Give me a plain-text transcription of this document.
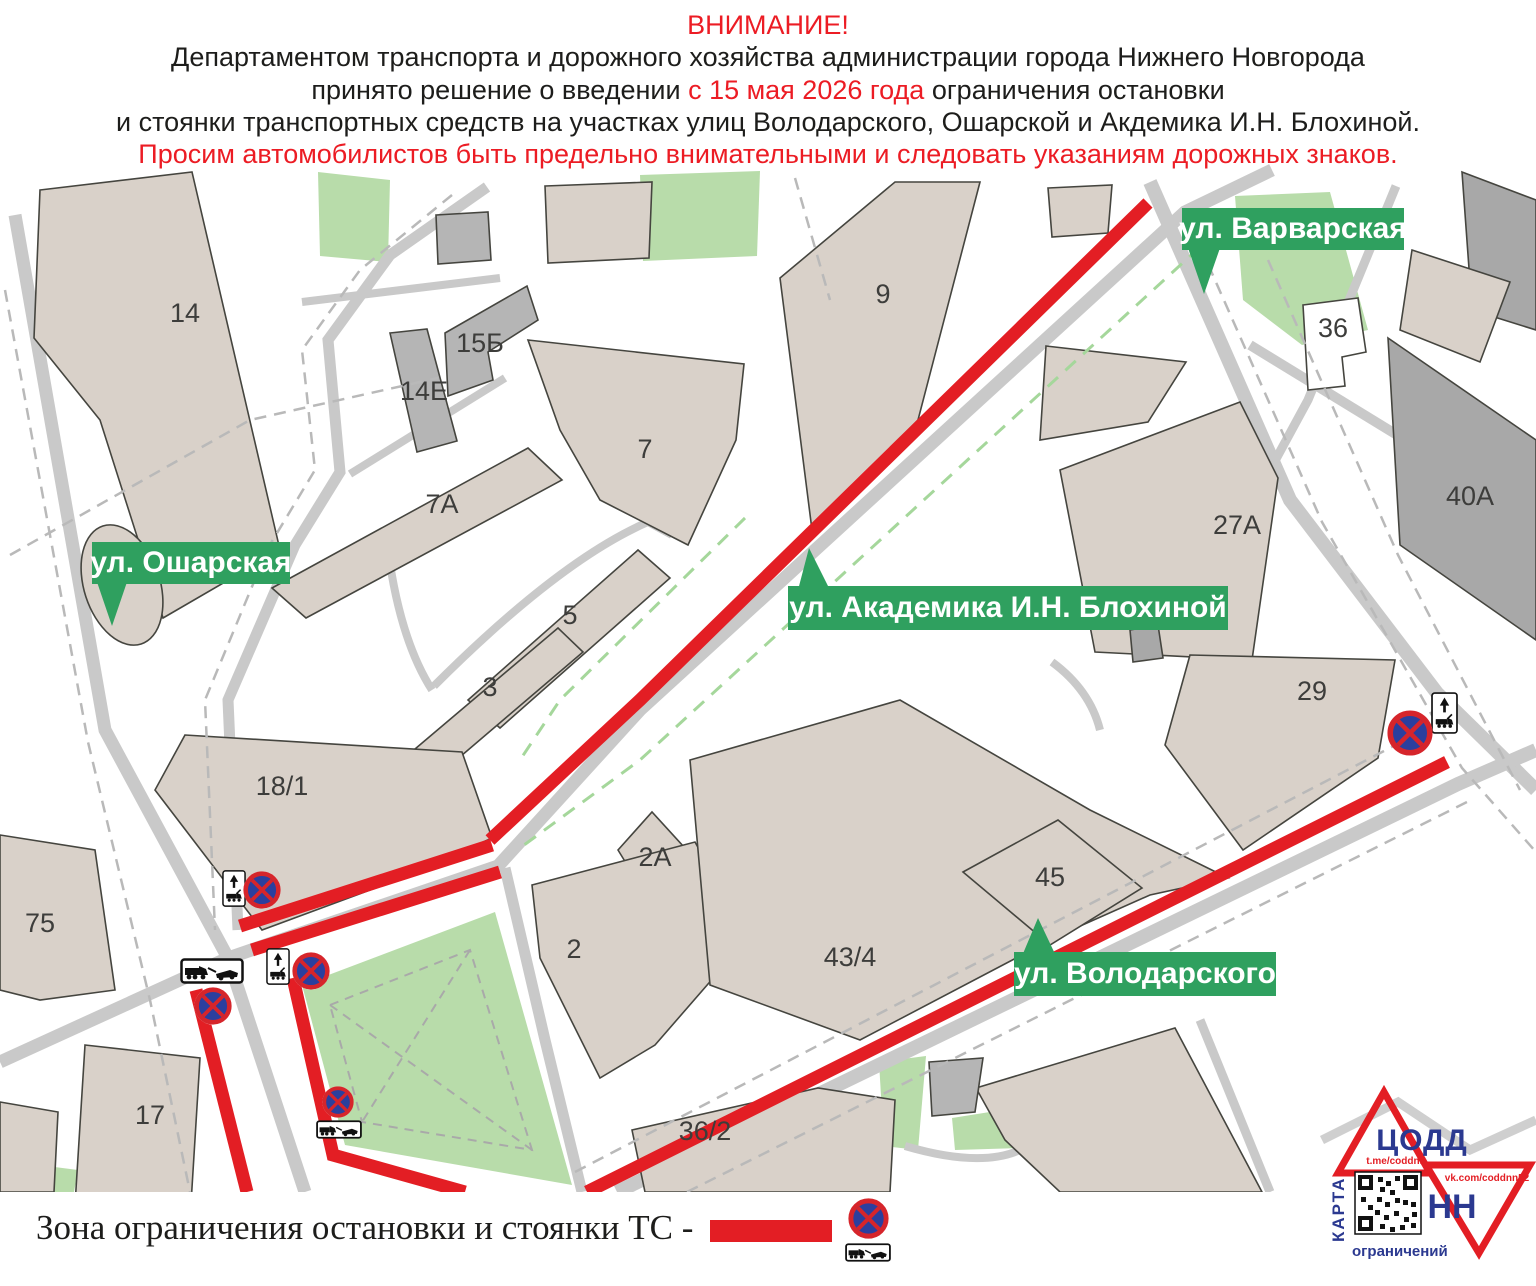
14
15Б
14Е
9
36
40А
7
7А
27А
5
3	29
18/1
75
2А
45
2	43/4
17
36/2
ул. Варварская
ул. Ошарская
ул. Академика И.Н. Блохиной
ул. Володарского
ЦОДД
НН
t.me/coddnn
vk.com/coddnn52
КАРТА
ограничений
ВНИМАНИЕ!
Департаментом транспорта и дорожного хозяйства администрации города Нижнего Новгорода
принято решение о введении с 15 мая 2026 года ограничения остановки
и стоянки транспортных средств на участках улиц Володарского, Ошарской и Акдемика И.Н. Блохиной.
Просим автомобилистов быть предельно внимательными и следовать указаниям дорожных знаков.
Зона ограничения остановки и стоянки ТС -
